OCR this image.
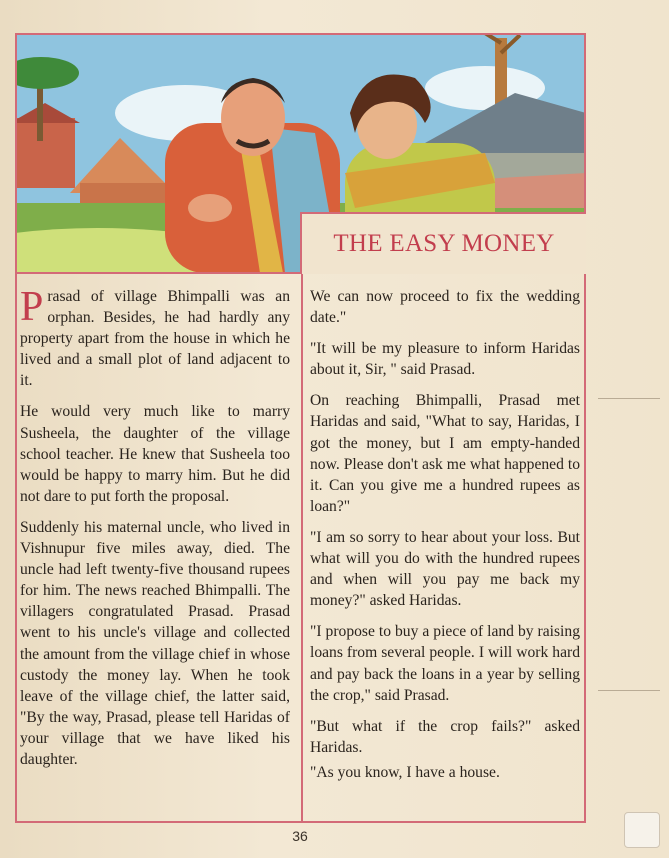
THE EASY MONEY

Prasad of village Bhimpalli was an orphan. Besides, he had hardly any property apart from the house in which he lived and a small plot of land adjacent to it.

He would very much like to marry Susheela, the daughter of the village school teacher. He knew that Susheela too would be happy to marry him. But he did not dare to put forth the proposal.

Suddenly his maternal uncle, who lived in Vishnupur five miles away, died. The uncle had left twenty-five thousand rupees for him. The news reached Bhimpalli. The villagers congratulated Prasad. Prasad went to his uncle's village and collected the amount from the village chief in whose custody the money lay. When he took leave of the village chief, the latter said, "By the way, Prasad, please tell Haridas of your village that we have liked his daughter.

We can now proceed to fix the wedding date."

"It will be my pleasure to inform Haridas about it, Sir, " said Prasad.

On reaching Bhimpalli, Prasad met Haridas and said, "What to say, Haridas, I got the money, but I am empty-handed now. Please don't ask me what happened to it. Can you give me a hundred rupees as loan?"

"I am so sorry to hear about your loss. But what will you do with the hundred rupees and when will you pay me back my money?" asked Haridas.

"I propose to buy a piece of land by raising loans from several people. I will work hard and pay back the loans in a year by selling the crop," said Prasad.

"But what if the crop fails?" asked Haridas.

"As you know, I have a house.

36
